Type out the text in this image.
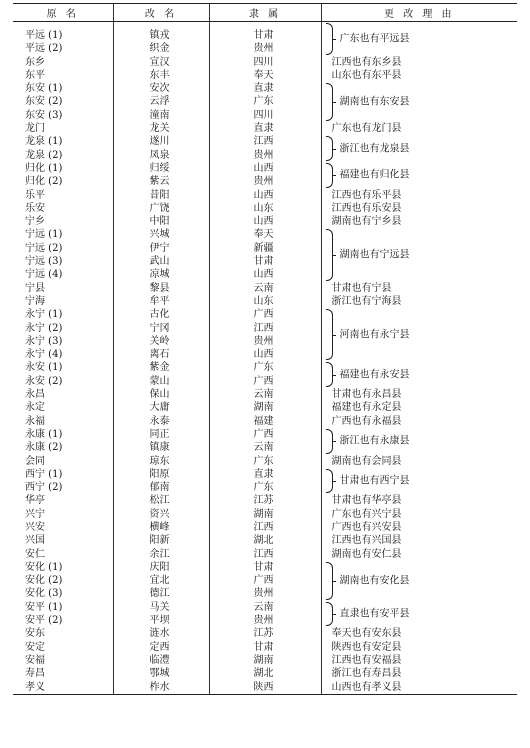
原 名	改 名	隶 属	更 改 理 由
平远 (1)	镇戎	甘肃	广东也有平远县

平远 (2)	织金	贵州	
东乡	宣汉	四川	江西也有东乡县
东平	东丰	奉天	山东也有东平县
东安 (1)	安次	直隶	湖南也有东安县

东安 (2)	云浮	广东	
东安 (3)	潼南	四川	
龙门	龙关	直隶	广东也有龙门县
龙泉 (1)	遂川	江西	浙江也有龙泉县

龙泉 (2)	凤泉	贵州	
归化 (1)	归绥	山西	福建也有归化县

归化 (2)	紫云	贵州	
乐平	昔阳	山西	江西也有乐平县
乐安	广饶	山东	江西也有乐安县
宁乡	中阳	山西	湖南也有宁乡县
宁远 (1)	兴城	奉天	湖南也有宁远县

宁远 (2)	伊宁	新疆	
宁远 (3)	武山	甘肃	
宁远 (4)	凉城	山西	
宁县	黎县	云南	甘肃也有宁县
宁海	牟平	山东	浙江也有宁海县
永宁 (1)	古化	广西	河南也有永宁县

永宁 (2)	宁冈	江西	
永宁 (3)	关岭	贵州	
永宁 (4)	离石	山西	
永安 (1)	紫金	广东	福建也有永安县

永安 (2)	蒙山	广西	
永昌	保山	云南	甘肃也有永昌县
永定	大庸	湖南	福建也有永定县
永福	永泰	福建	广西也有永福县
永康 (1)	同正	广西	浙江也有永康县

永康 (2)	镇康	云南	
会同	琼东	广东	湖南也有会同县
西宁 (1)	阳原	直隶	甘肃也有西宁县

西宁 (2)	郁南	广东	
华亭	松江	江苏	甘肃也有华亭县
兴宁	资兴	湖南	广东也有兴宁县
兴安	横峰	江西	广西也有兴安县
兴国	阳新	湖北	江西也有兴国县
安仁	余江	江西	湖南也有安仁县
安化 (1)	庆阳	甘肃	湖南也有安化县

安化 (2)	宜北	广西	
安化 (3)	德江	贵州	
安平 (1)	马关	云南	直隶也有安平县

安平 (2)	平坝	贵州	
安东	涟水	江苏	奉天也有安东县
安定	定西	甘肃	陕西也有安定县
安福	临澧	湖南	江西也有安福县
寿昌	鄂城	湖北	浙江也有寿昌县
孝义	柞水	陕西	山西也有孝义县
